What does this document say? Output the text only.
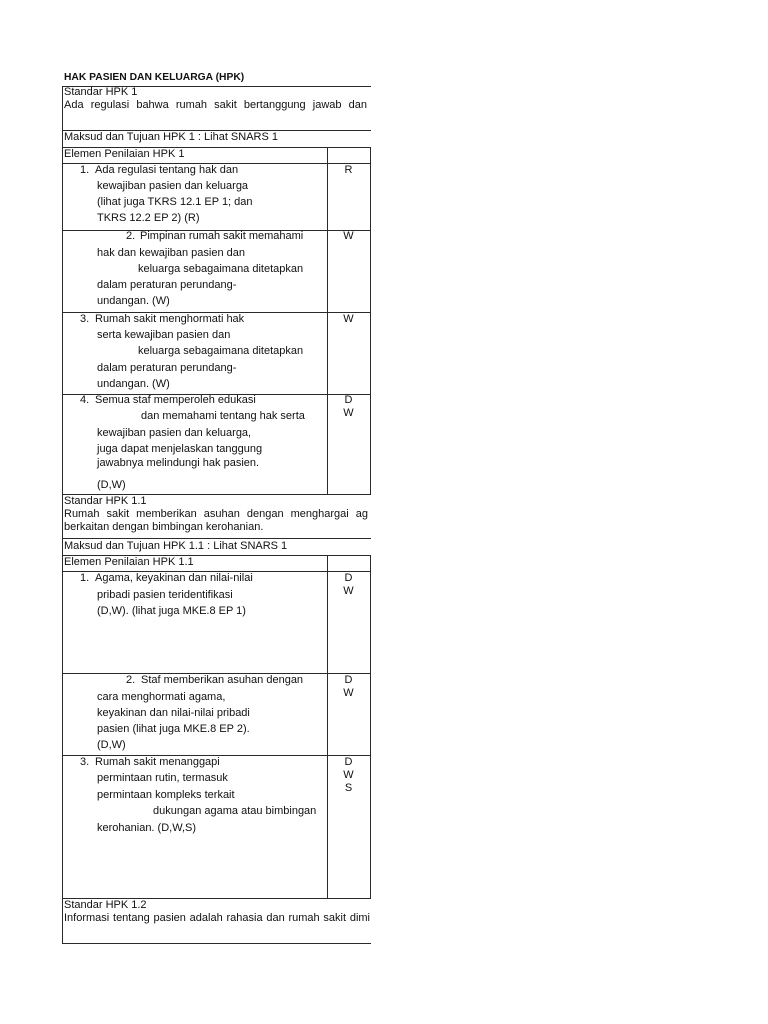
HAK PASIEN DAN KELUARGA (HPK)
Standar HPK 1
Ada regulasi bahwa rumah sakit bertanggung jawab dan
Maksud dan Tujuan HPK 1 : Lihat SNARS 1
Elemen Penilaian HPK 1
1. Ada regulasi tentang hak dan
kewajiban pasien dan keluarga
(lihat juga TKRS 12.1 EP 1; dan
TKRS 12.2 EP 2) (R)
R
2. Pimpinan rumah sakit memahami
hak dan kewajiban pasien dan
keluarga sebagaimana ditetapkan
dalam peraturan perundang-
undangan. (W)
W
3. Rumah sakit menghormati hak
serta kewajiban pasien dan
keluarga sebagaimana ditetapkan
dalam peraturan perundang-
undangan. (W)
W
4. Semua staf memperoleh edukasi
dan memahami tentang hak serta
kewajiban pasien dan keluarga,
juga dapat menjelaskan tanggung
jawabnya melindungi hak pasien.
(D,W)
D
W
Standar HPK 1.1
Rumah sakit memberikan asuhan dengan menghargai ag
berkaitan dengan bimbingan kerohanian.
Maksud dan Tujuan HPK 1.1 : Lihat SNARS 1
Elemen Penilaian HPK 1.1
1. Agama, keyakinan dan nilai-nilai
pribadi pasien teridentifikasi
(D,W). (lihat juga MKE.8 EP 1)
D
W
2. Staf memberikan asuhan dengan
cara menghormati agama,
keyakinan dan nilai-nilai pribadi
pasien (lihat juga MKE.8 EP 2).
(D,W)
D
W
3. Rumah sakit menanggapi
permintaan rutin, termasuk
permintaan kompleks terkait
dukungan agama atau bimbingan
kerohanian. (D,W,S)
D
W
S
Standar HPK 1.2
Informasi tentang pasien adalah rahasia dan rumah sakit dimi
